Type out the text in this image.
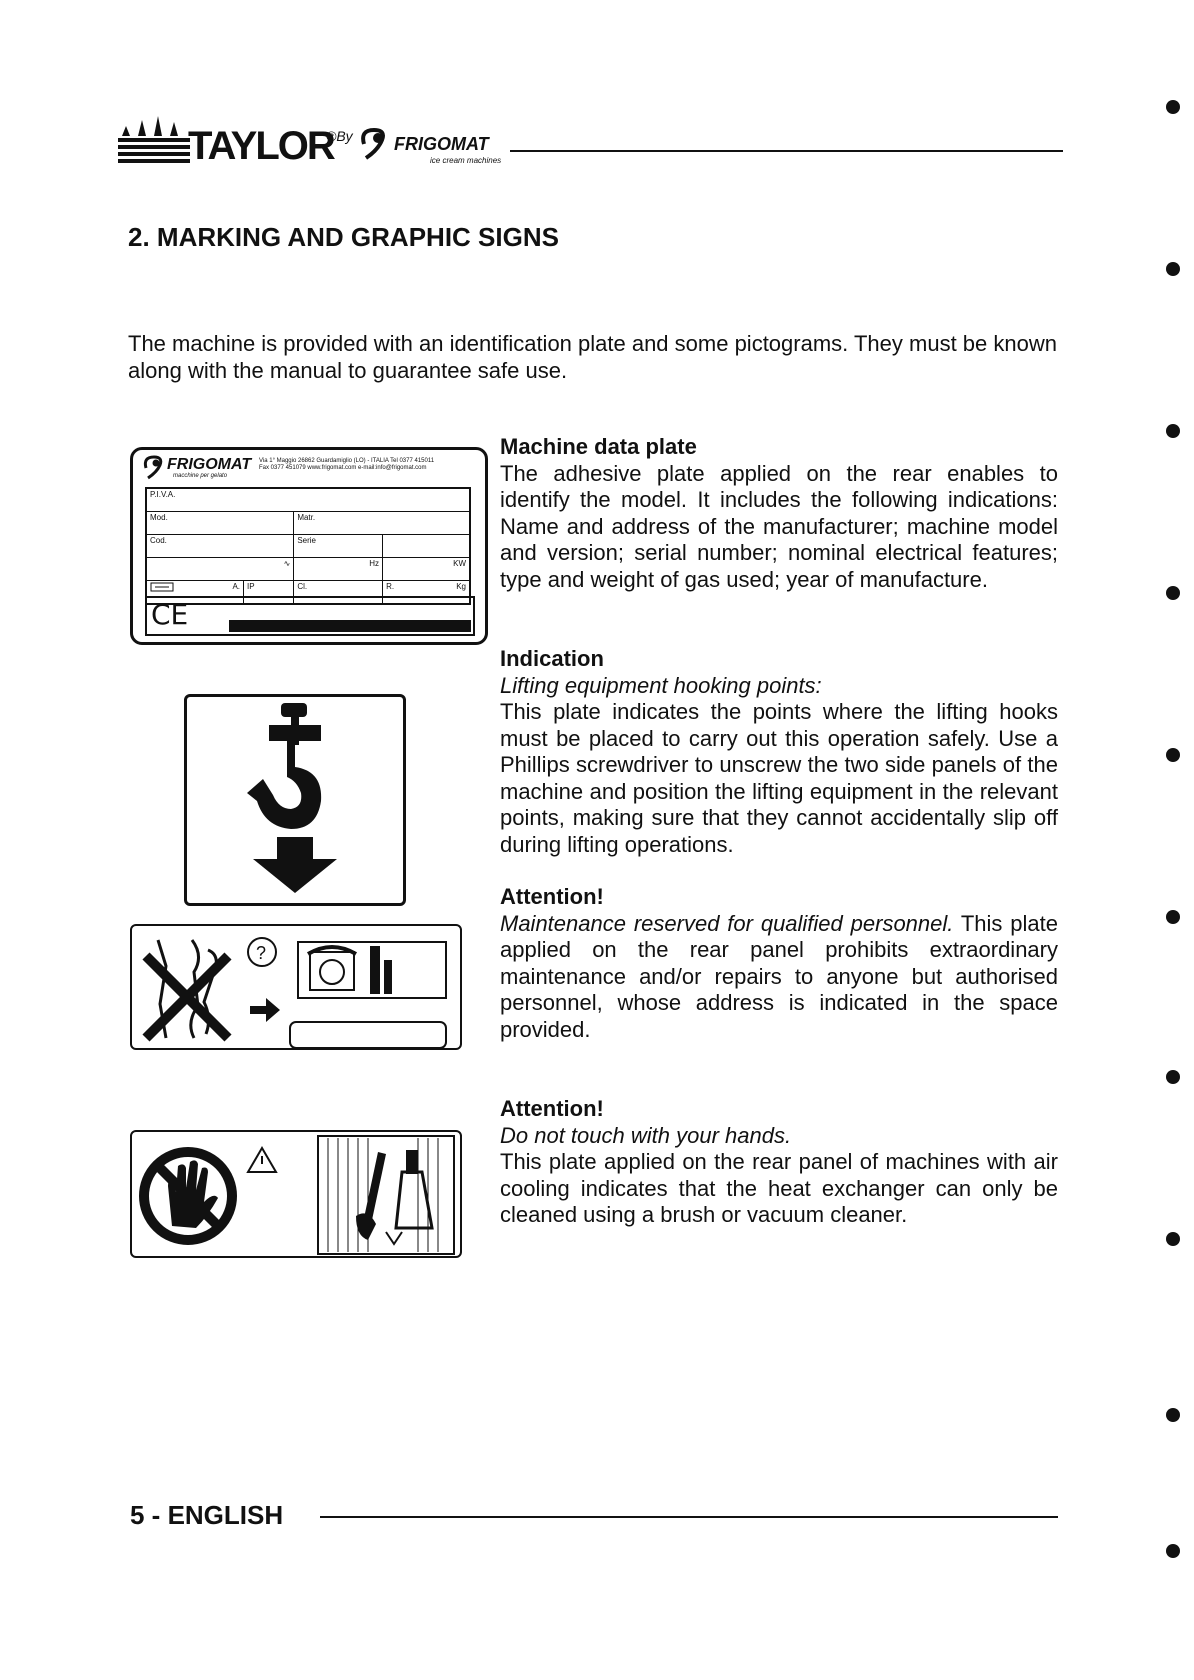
TAYLOR
®By FRIGOMAT
ice cream machines
2. MARKING AND GRAPHIC SIGNS
The machine is provided with an identification plate and some pictograms. They must be known along with the manual to guarantee safe use.
FRIGOMAT
macchine per gelato
Via 1° Maggio 26862 Guardamiglio (LO) - ITALIA Tel 0377 415011
Fax 0377 451079 www.frigomat.com e-mail:info@frigomat.com
P.I.V.A.			
Mod.		Matr.	
Cod.		Serie	
∿		Hz	KW

A.	IP	Cl.	R. Kg
CE
?
Machine data plate
The adhesive plate applied on the rear enables to identify the model. It includes the following indications: Name and address of the manufacturer; machine model and version; serial number; nominal electrical features; type and weight of gas used; year of manufacture.
Indication
Lifting equipment hooking points:
This plate indicates the points where the lifting hooks must be placed to carry out this operation safely. Use a Phillips screwdriver to unscrew the two side panels of the machine and position the lifting equipment in the relevant points, making sure that they cannot accidentally slip off during lifting operations.
Attention!
Maintenance reserved for qualified personnel. This plate applied on the rear panel prohibits extraordinary maintenance and/or repairs to anyone but authorised personnel, whose address is indicated in the space provided.
Attention!
Do not touch with your hands.
This plate applied on the rear panel of machines with air cooling indicates that the heat exchanger can only be cleaned using a brush or vacuum cleaner.
5 - ENGLISH
